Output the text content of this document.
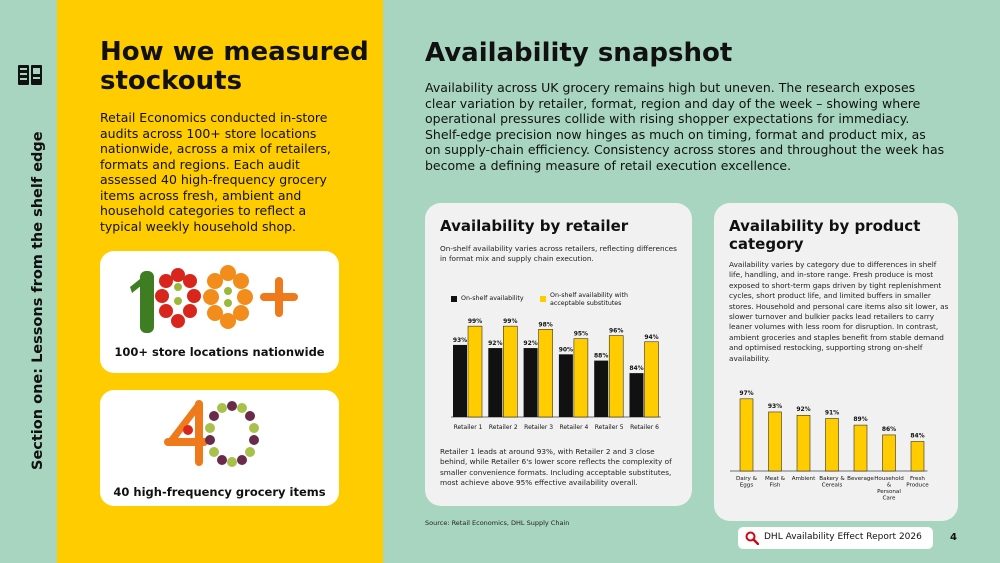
Section one: Lessons from the shelf edge
How we measured stockouts
Retail Economics conducted in-store audits across 100+ store locations nationwide, across a mix of retailers, formats and regions. Each audit assessed 40 high-frequency grocery items across fresh, ambient and household categories to reflect a typical weekly household shop.
100+ store locations nationwide
40 high-frequency grocery items
Availability snapshot
Availability across UK grocery remains high but uneven. The research exposes clear variation by retailer, format, region and day of the week – showing where operational pressures collide with rising shopper expectations for immediacy. Shelf-edge precision now hinges as much on timing, format and product mix, as on supply-chain efficiency. Consistency across stores and throughout the week has become a defining measure of retail execution excellence.
Availability by retailer
On-shelf availability varies across retailers, reflecting differences in format mix and supply chain execution.
On-shelf availability	On-shelf availability with acceptable substitutes
93%
99%
Retailer 1
92%
99%
Retailer 2
92%
98%
Retailer 3
90%
95%
Retailer 4
88%
96%
Retailer 5
84%
94%
Retailer 6
Retailer 1 leads at around 93%, with Retailer 2 and 3 close behind, while Retailer 6's lower score reflects the complexity of smaller convenience formats. Including acceptable substitutes, most achieve above 95% effective availability overall.
Availability by product category
Availability varies by category due to differences in shelf life, handling, and in-store range. Fresh produce is most exposed to short-term gaps driven by tight replenishment cycles, short product life, and limited buffers in smaller stores. Household and personal care items also sit lower, as slower turnover and bulkier packs lead retailers to carry leaner volumes with less room for disruption. In contrast, ambient groceries and staples benefit from stable demand and optimised restocking, supporting strong on-shelf availability.
97%
Dairy & Eggs
93%
Meat & Fish
92%
Ambient
91%
Bakery & Cereals
89%
Beverage
86%
Household & Personal Care
84%
Fresh Produce
Source: Retail Economics, DHL Supply Chain
DHL Availability Effect Report 2026	4
